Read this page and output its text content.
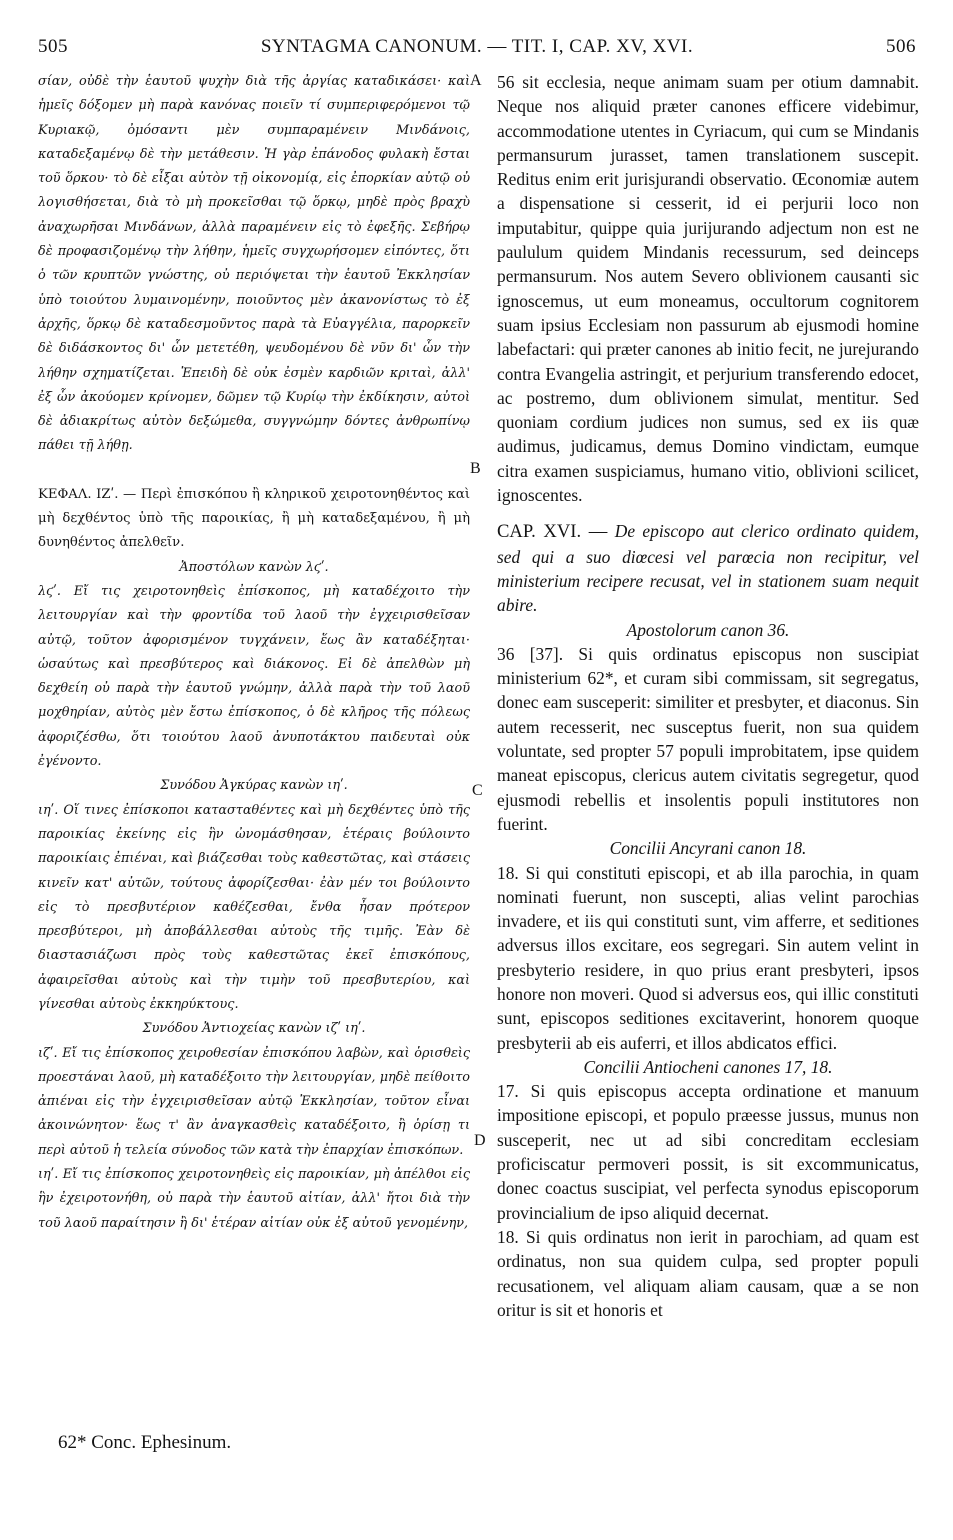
505	SYNTAGMA CANONUM. — TIT. I, CAP. XV, XVI.	506

σίαν, οὐδὲ τὴν ἑαυτοῦ ψυχὴν διὰ τῆς ἀργίας καταδικάσει· καὶ ἡμεῖς δόξομεν μὴ παρὰ κανόνας ποιεῖν τί συμπεριφερόμενοι τῷ Κυριακῷ, ὀμόσαντι μὲν συμπαραμένειν Μινδάνοις, καταδεξαμένῳ δὲ τὴν μετάθεσιν. Ἡ γὰρ ἐπάνοδος φυλακὴ ἔσται τοῦ ὅρκου· τὸ δὲ εἶξαι αὐτὸν τῇ οἰκονομίᾳ, εἰς ἐπορκίαν αὐτῷ οὐ λογισθήσεται, διὰ τὸ μὴ προκεῖσθαι τῷ ὅρκῳ, μηδὲ πρὸς βραχὺ ἀναχωρῆσαι Μινδάνων, ἀλλὰ παραμένειν εἰς τὸ ἐφεξῆς. Σεβήρῳ δὲ προφασιζομένῳ τὴν λήθην, ἡμεῖς συγχωρήσομεν εἰπόντες, ὅτι ὁ τῶν κρυπτῶν γνώστης, οὐ περιόψεται τὴν ἑαυτοῦ Ἐκκλησίαν ὑπὸ τοιούτου λυμαινομένην, ποιοῦντος μὲν ἀκανονίστως τὸ ἐξ ἀρχῆς, ὅρκῳ δὲ καταδεσμοῦντος παρὰ τὰ Εὐαγγέλια, παρορκεῖν δὲ διδάσκοντος δι' ὧν μετετέθη, ψευδομένου δὲ νῦν δι' ὧν τὴν λήθην σχηματίζεται. Ἐπειδὴ δὲ οὐκ ἐσμὲν καρδιῶν κριταὶ, ἀλλ' ἐξ ὧν ἀκούομεν κρίνομεν, δῶμεν τῷ Κυρίῳ τὴν ἐκδίκησιν, αὐτοὶ δὲ ἀδιακρίτως αὐτὸν δεξώμεθα, συγγνώμην δόντες ἀνθρωπίνῳ πάθει τῇ λήθῃ.

ΚΕΦΑΛ. ΙΖʹ. — Περὶ ἐπισκόπου ἢ κληρικοῦ χειροτονηθέντος καὶ μὴ δεχθέντος ὑπὸ τῆς παροικίας, ἢ μὴ καταδεξαμένου, ἢ μὴ δυνηθέντος ἀπελθεῖν.

Ἀποστόλων κανὼν λϛʹ.

λϛʹ. Εἴ τις χειροτονηθεὶς ἐπίσκοπος, μὴ καταδέχοιτο τὴν λειτουργίαν καὶ τὴν φροντίδα τοῦ λαοῦ τὴν ἐγχειρισθεῖσαν αὐτῷ, τοῦτον ἀφορισμένον τυγχάνειν, ἕως ἂν καταδέξηται· ὡσαύτως καὶ πρεσβύτερος καὶ διάκονος. Εἰ δὲ ἀπελθὼν μὴ δεχθείη οὐ παρὰ τὴν ἑαυτοῦ γνώμην, ἀλλὰ παρὰ τὴν τοῦ λαοῦ μοχθηρίαν, αὐτὸς μὲν ἔστω ἐπίσκοπος, ὁ δὲ κλῆρος τῆς πόλεως ἀφοριζέσθω, ὅτι τοιούτου λαοῦ ἀνυποτάκτου παιδευταὶ οὐκ ἐγένοντο.

Συνόδου Ἀγκύρας κανὼν ιηʹ.

ιηʹ. Οἵ τινες ἐπίσκοποι κατασταθέντες καὶ μὴ δεχθέντες ὑπὸ τῆς παροικίας ἐκείνης εἰς ἣν ὠνομάσθησαν, ἑτέραις βούλοιντο παροικίαις ἐπιέναι, καὶ βιάζεσθαι τοὺς καθεστῶτας, καὶ στάσεις κινεῖν κατ' αὐτῶν, τούτους ἀφορίζεσθαι· ἐὰν μέν τοι βούλοιντο εἰς τὸ πρεσβυτέριον καθέζεσθαι, ἔνθα ἦσαν πρότερον πρεσβύτεροι, μὴ ἀποβάλλεσθαι αὐτοὺς τῆς τιμῆς. Ἐὰν δὲ διαστασιάζωσι πρὸς τοὺς καθεστῶτας ἐκεῖ ἐπισκόπους, ἀφαιρεῖσθαι αὐτοὺς καὶ τὴν τιμὴν τοῦ πρεσβυτερίου, καὶ γίνεσθαι αὐτοὺς ἐκκηρύκτους.

Συνόδου Ἀντιοχείας κανὼν ιζʹ ιηʹ.

ιζʹ. Εἴ τις ἐπίσκοπος χειροθεσίαν ἐπισκόπου λαβὼν, καὶ ὁρισθεὶς προεστάναι λαοῦ, μὴ καταδέξοιτο τὴν λειτουργίαν, μηδὲ πείθοιτο ἀπιέναι εἰς τὴν ἐγχειρισθεῖσαν αὐτῷ Ἐκκλησίαν, τοῦτον εἶναι ἀκοινώνητον· ἕως τ' ἂν ἀναγκασθεὶς καταδέξοιτο, ἢ ὁρίσῃ τι περὶ αὐτοῦ ἡ τελεία σύνοδος τῶν κατὰ τὴν ἐπαρχίαν ἐπισκόπων.

ιηʹ. Εἴ τις ἐπίσκοπος χειροτονηθεὶς εἰς παροικίαν, μὴ ἀπέλθοι εἰς ἣν ἐχειροτονήθη, οὐ παρὰ τὴν ἑαυτοῦ αἰτίαν, ἀλλ' ἤτοι διὰ τὴν τοῦ λαοῦ παραίτησιν ἢ δι' ἑτέραν αἰτίαν οὐκ ἐξ αὐτοῦ γενομένην,

56 sit ecclesia, neque animam suam per otium damnabit. Neque nos aliquid præter canones efficere videbimur, accommodatione utentes in Cyriacum, qui cum se Mindanis permansurum jurasset, tamen translationem suscepit. Reditus enim erit jurisjurandi observatio. Œconomiæ autem a dispensatione si cesserit, id ei perjurii loco non imputabitur, quippe quia jurijurando adjectum non est ne paululum quidem Mindanis recessurum, sed deinceps permansurum. Nos autem Severo oblivionem causanti sic ignoscemus, ut eum moneamus, occultorum cognitorem suam ipsius Ecclesiam non passurum ab ejusmodi homine labefactari: qui præter canones ab initio fecit, ne jurejurando contra Evangelia astringit, et perjurium transferendo edocet, ac postremo, dum oblivionem simulat, mentitur. Sed quoniam cordium judices non sumus, sed ex iis quæ audimus, judicamus, demus Domino vindictam, eumque citra examen suspiciamus, humano vitio, oblivioni scilicet, ignoscentes.

CAP. XVI. — De episcopo aut clerico ordinato quidem, sed qui a suo diœcesi vel parœcia non recipitur, vel ministerium recipere recusat, vel in stationem suam nequit abire.

Apostolorum canon 36.

36 [37]. Si quis ordinatus episcopus non suscipiat ministerium 62*, et curam sibi commissam, sit segregatus, donec eam susceperit: similiter et presbyter, et diaconus. Sin autem recesserit, nec susceptus fuerit, non sua quidem voluntate, sed propter 57 populi improbitatem, ipse quidem maneat episcopus, clericus autem civitatis segregetur, quod ejusmodi rebellis et insolentis populi institutores non fuerint.

Concilii Ancyrani canon 18.

18. Si qui constituti episcopi, et ab illa parochia, in quam nominati fuerunt, non suscepti, alias velint parochias invadere, et iis qui constituti sunt, vim afferre, et seditiones adversus illos excitare, eos segregari. Sin autem velint in presbyterio residere, in quo prius erant presbyteri, ipsos honore non moveri. Quod si adversus eos, qui illic constituti sunt, episcopos seditiones excitaverint, honorem quoque presbyterii ab eis auferri, et illos abdicatos effici.

Concilii Antiocheni canones 17, 18.

17. Si quis episcopus accepta ordinatione et manuum impositione episcopi, et populo præesse jussus, munus non susceperit, nec ut ad sibi concreditam ecclesiam proficiscatur permoveri possit, is sit excommunicatus, donec coactus suscipiat, vel perfecta synodus episcoporum provincialium de ipso aliquid decernat.

18. Si quis ordinatus non ierit in parochiam, ad quam est ordinatus, non sua quidem culpa, sed propter populi recusationem, vel aliquam aliam causam, quæ a se non oritur is sit et honoris et

A
B
C
D
62* Conc. Ephesinum.
